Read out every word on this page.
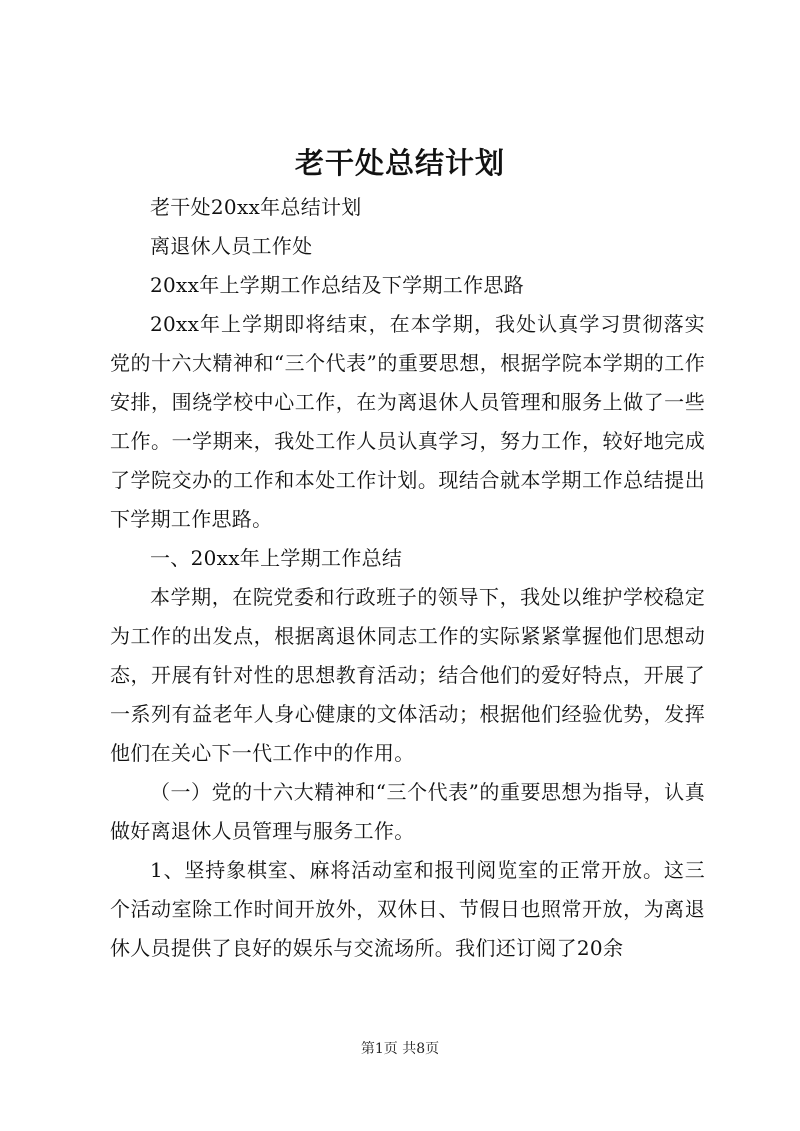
老干处总结计划

老干处20xx年总结计划

离退休人员工作处

20xx年上学期工作总结及下学期工作思路

20xx年上学期即将结束，在本学期，我处认真学习贯彻落实党的十六大精神和“三个代表”的重要思想，根据学院本学期的工作安排，围绕学校中心工作，在为离退休人员管理和服务上做了一些工作。一学期来，我处工作人员认真学习，努力工作，较好地完成了学院交办的工作和本处工作计划。现结合就本学期工作总结提出下学期工作思路。

一、20xx年上学期工作总结

本学期，在院党委和行政班子的领导下，我处以维护学校稳定为工作的出发点，根据离退休同志工作的实际紧紧掌握他们思想动态，开展有针对性的思想教育活动；结合他们的爱好特点，开展了一系列有益老年人身心健康的文体活动；根据他们经验优势，发挥他们在关心下一代工作中的作用。

（一）党的十六大精神和“三个代表”的重要思想为指导，认真做好离退休人员管理与服务工作。

1、坚持象棋室、麻将活动室和报刊阅览室的正常开放。这三个活动室除工作时间开放外，双休日、节假日也照常开放，为离退休人员提供了良好的娱乐与交流场所。我们还订阅了20余

第1页 共8页
